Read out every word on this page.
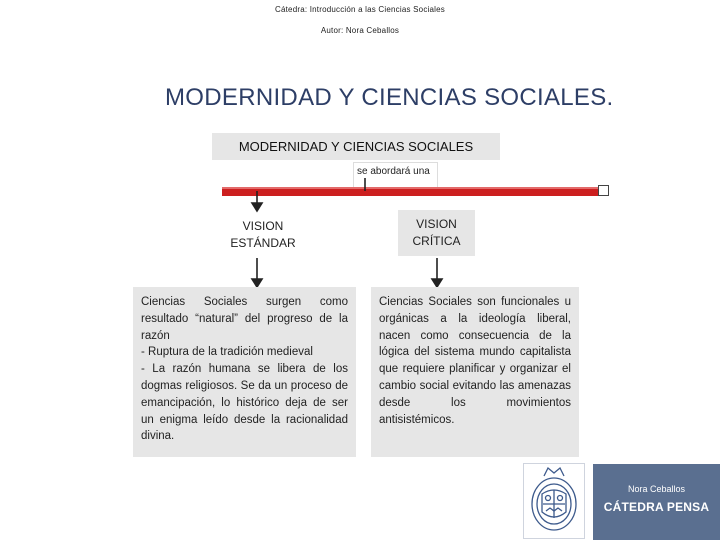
Cátedra: Introducción a las Ciencias Sociales
Autor: Nora Ceballos
MODERNIDAD Y CIENCIAS SOCIALES.
MODERNIDAD Y CIENCIAS SOCIALES
se abordará una
VISION
ESTÁNDAR
VISION
CRÍTICA
Ciencias Sociales surgen como resultado “natural” del progreso de la razón
- Ruptura de la tradición medieval
- La razón humana se libera de los dogmas religiosos. Se da un proceso de emancipación, lo histórico deja de ser un enigma leído desde la racionalidad divina.
Ciencias Sociales son funcionales u orgánicas a la ideología liberal, nacen como consecuencia de la lógica del sistema mundo capitalista que requiere planificar y organizar el cambio social evitando las amenazas desde los movimientos antisistémicos.
Nora Ceballos
CÁTEDRA PENSA
